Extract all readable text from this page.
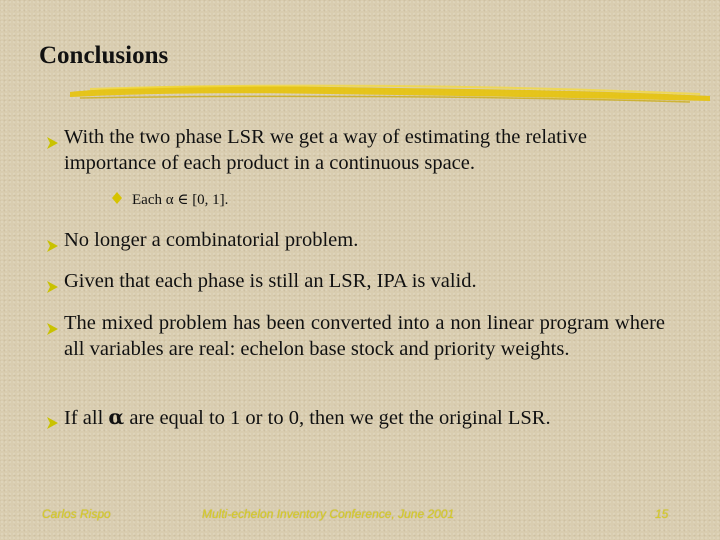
Conclusions
With the two phase LSR we get a way of estimating the relative importance of each product in a continuous space.
Each α ∈ [0, 1].
No longer a combinatorial problem.
Given that each phase is still an LSR, IPA is valid.
The mixed problem has been converted into a non linear program where all variables are real: echelon base stock and priority weights.
If all α are equal to 1 or to 0, then we get the original LSR.
Carlos Rispo	Multi-echelon Inventory Conference, June 2001	15
